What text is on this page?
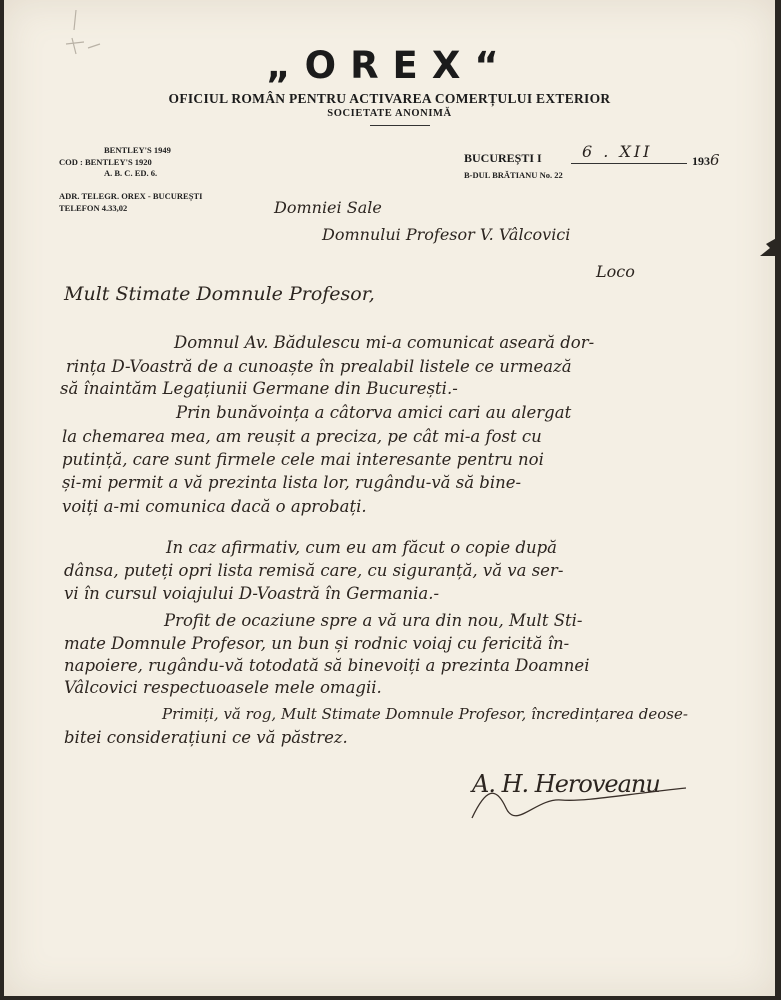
„OREX“
OFICIUL ROMÂN PENTRU ACTIVAREA COMERȚULUI EXTERIOR
SOCIETATE ANONIMĂ
BENTLEY'S 1949
COD : BENTLEY'S 1920
A. B. C. ED. 6.
ADR. TELEGR. OREX - BUCUREȘTI
TELEFON 4.33,02
BUCUREȘTI I	6 . XII	1936
B-DUL BRĂTIANU No. 22
Domniei Sale
Domnului Profesor V. Vâlcovici
Loco
Mult Stimate Domnule Profesor,
Domnul Av. Bădulescu mi-a comunicat aseară dor-
rința D-Voastră de a cunoaște în prealabil listele ce urmează
să înaintăm Legațiunii Germane din București.-
Prin bunăvoința a câtorva amici cari au alergat
la chemarea mea, am reușit a preciza, pe cât mi-a fost cu
putință, care sunt firmele cele mai interesante pentru noi
și-mi permit a vă prezinta lista lor, rugându-vă să bine-
voiți a-mi comunica dacă o aprobați.
In caz afirmativ, cum eu am făcut o copie după
dânsa, puteți opri lista remisă care, cu siguranță, vă va ser-
vi în cursul voiajului D-Voastră în Germania.-
Profit de ocaziune spre a vă ura din nou, Mult Sti-
mate Domnule Profesor, un bun și rodnic voiaj cu fericită în-
napoiere, rugându-vă totodată să binevoiți a prezinta Doamnei
Vâlcovici respectuoasele mele omagii.
Primiți, vă rog, Mult Stimate Domnule Profesor, încredințarea deose-
bitei considerațiuni ce vă păstrez.
A. H. Heroveanu
